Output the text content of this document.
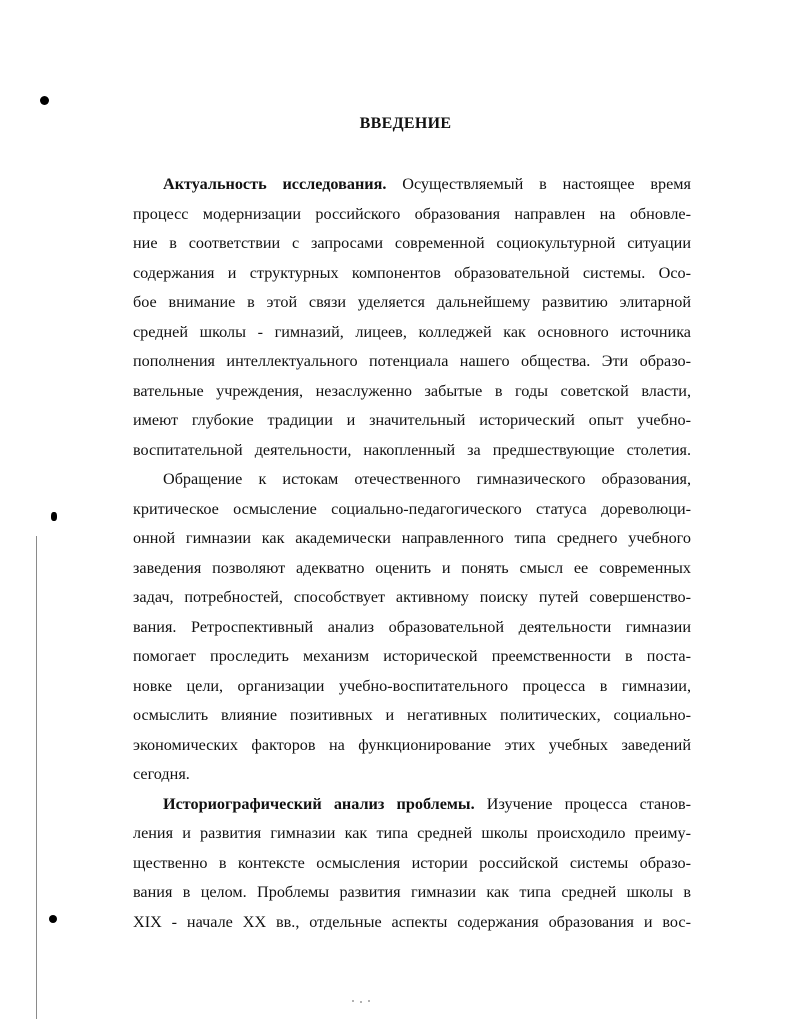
ВВЕДЕНИЕ
Актуальность исследования. Осуществляемый в настоящее время
процесс модернизации российского образования направлен на обновле-
ние в соответствии с запросами современной социокультурной ситуации
содержания и структурных компонентов образовательной системы. Осо-
бое внимание в этой связи уделяется дальнейшему развитию элитарной
средней школы - гимназий, лицеев, колледжей как основного источника
пополнения интеллектуального потенциала нашего общества. Эти образо-
вательные учреждения, незаслуженно забытые в годы советской власти,
имеют глубокие традиции и значительный исторический опыт учебно-
воспитательной деятельности, накопленный за предшествующие столетия.
Обращение к истокам отечественного гимназического образования,
критическое осмысление социально-педагогического статуса дореволюци-
онной гимназии как академически направленного типа среднего учебного
заведения позволяют адекватно оценить и понять смысл ее современных
задач, потребностей, способствует активному поиску путей совершенство-
вания. Ретроспективный анализ образовательной деятельности гимназии
помогает проследить механизм исторической преемственности в поста-
новке цели, организации учебно-воспитательного процесса в гимназии,
осмыслить влияние позитивных и негативных политических, социально-
экономических факторов на функционирование этих учебных заведений
сегодня.
Историографический анализ проблемы. Изучение процесса станов-
ления и развития гимназии как типа средней школы происходило преиму-
щественно в контексте осмысления истории российской системы образо-
вания в целом. Проблемы развития гимназии как типа средней школы в
XIX - начале XX вв., отдельные аспекты содержания образования и вос-
